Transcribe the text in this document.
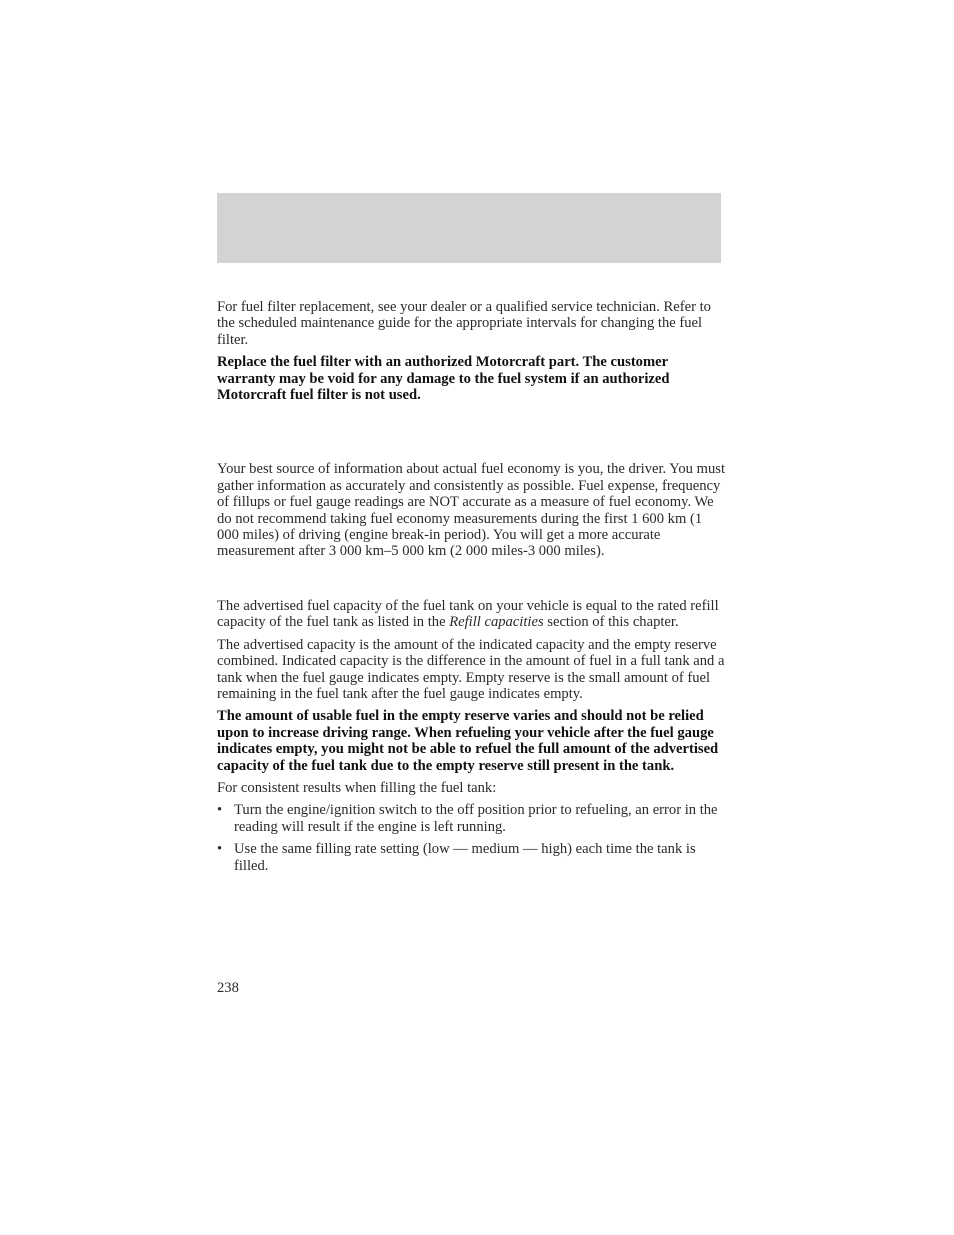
For fuel filter replacement, see your dealer or a qualified service technician. Refer to the scheduled maintenance guide for the appropriate intervals for changing the fuel filter.

Replace the fuel filter with an authorized Motorcraft part. The customer warranty may be void for any damage to the fuel system if an authorized Motorcraft fuel filter is not used.

Your best source of information about actual fuel economy is you, the driver. You must gather information as accurately and consistently as possible. Fuel expense, frequency of fillups or fuel gauge readings are NOT accurate as a measure of fuel economy. We do not recommend taking fuel economy measurements during the first 1 600 km (1 000 miles) of driving (engine break-in period). You will get a more accurate measurement after 3 000 km–5 000 km (2 000 miles-3 000 miles).

The advertised fuel capacity of the fuel tank on your vehicle is equal to the rated refill capacity of the fuel tank as listed in the Refill capacities section of this chapter.

The advertised capacity is the amount of the indicated capacity and the empty reserve combined. Indicated capacity is the difference in the amount of fuel in a full tank and a tank when the fuel gauge indicates empty. Empty reserve is the small amount of fuel remaining in the fuel tank after the fuel gauge indicates empty.

The amount of usable fuel in the empty reserve varies and should not be relied upon to increase driving range. When refueling your vehicle after the fuel gauge indicates empty, you might not be able to refuel the full amount of the advertised capacity of the fuel tank due to the empty reserve still present in the tank.

For consistent results when filling the fuel tank:

• Turn the engine/ignition switch to the off position prior to refueling, an error in the reading will result if the engine is left running.
• Use the same filling rate setting (low — medium — high) each time the tank is filled.
238
